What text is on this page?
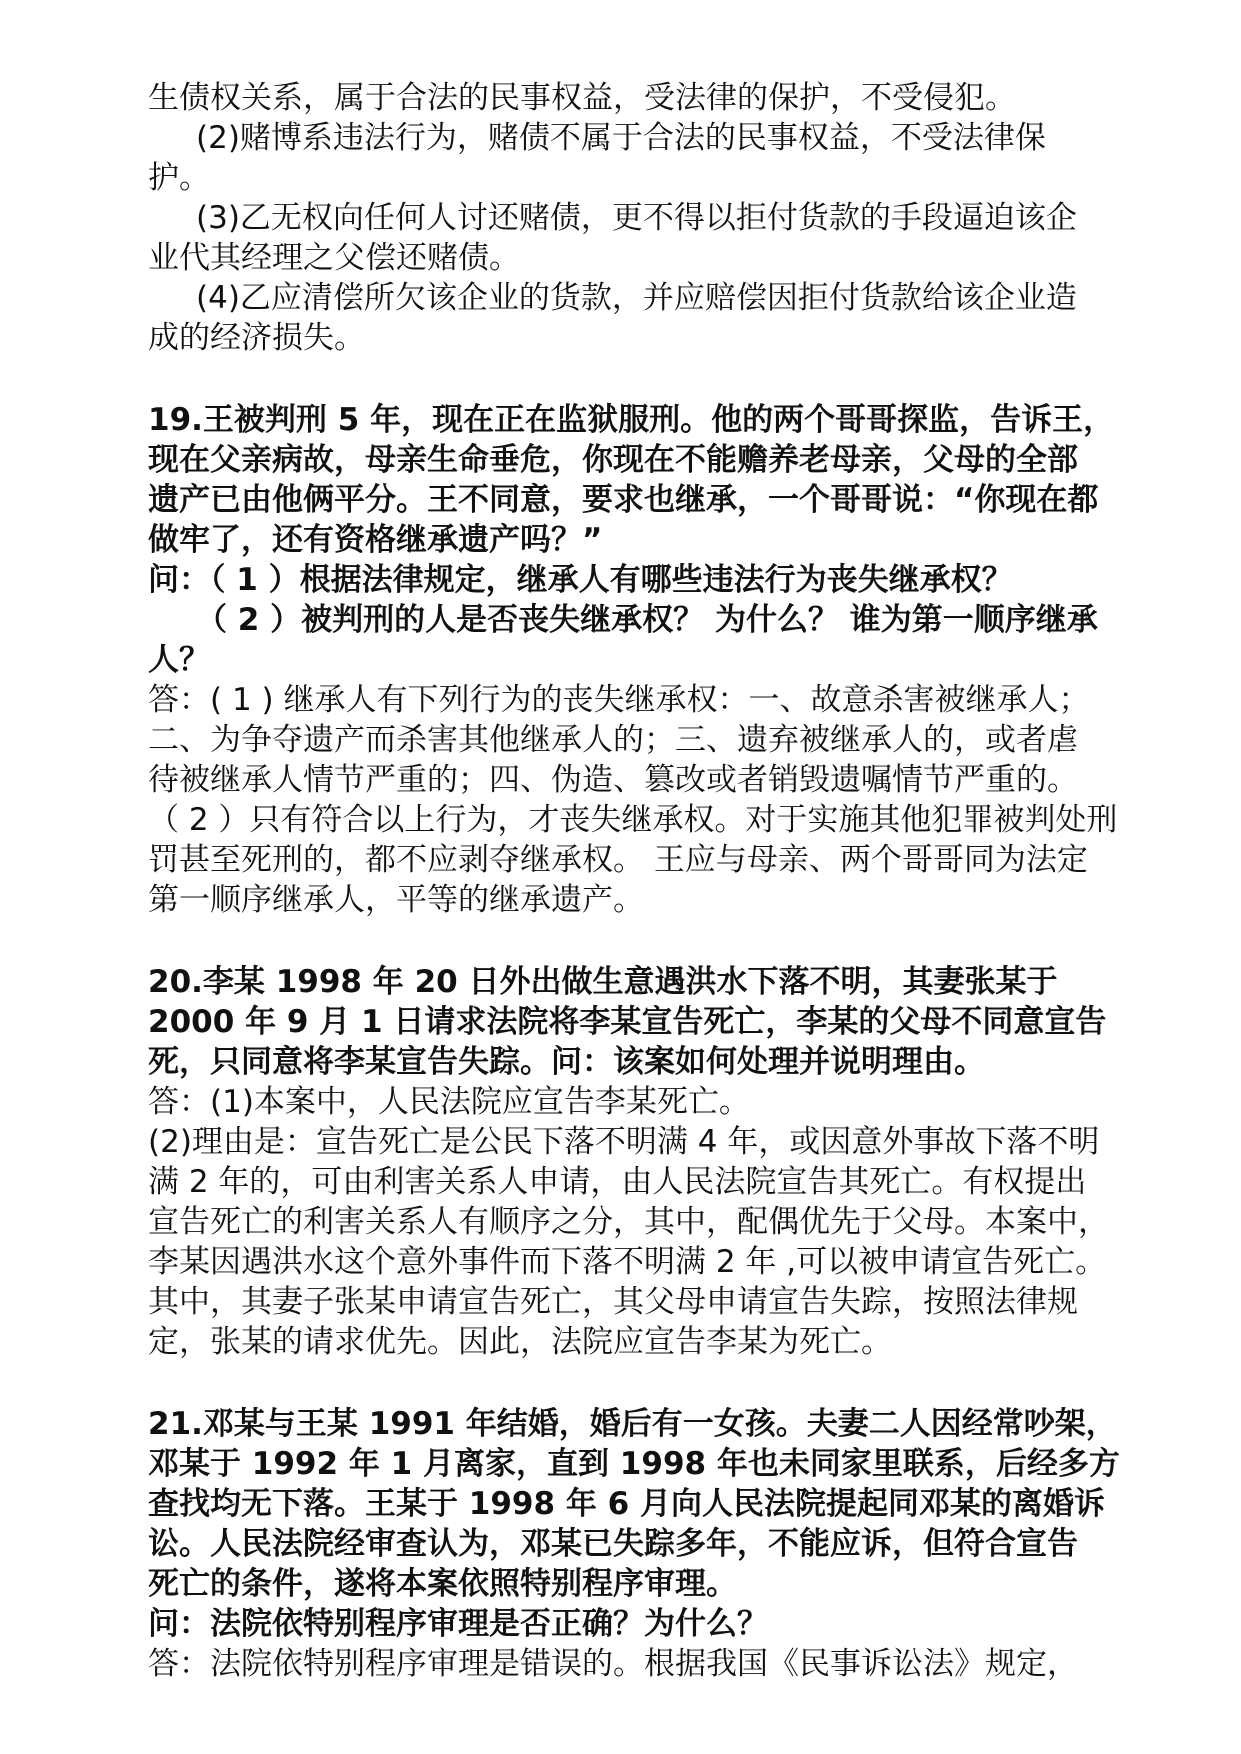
生债权关系，属于合法的民事权益，受法律的保护，不受侵犯。
(2)赌博系违法行为，赌债不属于合法的民事权益，不受法律保
护。
(3)乙无权向任何人讨还赌债，更不得以拒付货款的手段逼迫该企
业代其经理之父偿还赌债。
(4)乙应清偿所欠该企业的货款，并应赔偿因拒付货款给该企业造
成的经济损失。
19.王被判刑 5 年，现在正在监狱服刑。他的两个哥哥探监，告诉王，
现在父亲病故，母亲生命垂危，你现在不能赡养老母亲，父母的全部
遗产已由他俩平分。王不同意，要求也继承，一个哥哥说：“你现在都
做牢了，还有资格继承遗产吗？”
问：（ 1 ）根据法律规定，继承人有哪些违法行为丧失继承权？
（ 2 ）被判刑的人是否丧失继承权？ 为什么？ 谁为第一顺序继承
人？
答：( 1 ) 继承人有下列行为的丧失继承权：一、故意杀害被继承人；
二、为争夺遗产而杀害其他继承人的；三、遗弃被继承人的，或者虐
待被继承人情节严重的；四、伪造、篡改或者销毁遗嘱情节严重的。
（ 2 ）只有符合以上行为，才丧失继承权。对于实施其他犯罪被判处刑
罚甚至死刑的，都不应剥夺继承权。 王应与母亲、两个哥哥同为法定
第一顺序继承人，平等的继承遗产。
20.李某 1998 年 20 日外出做生意遇洪水下落不明，其妻张某于
2000 年 9 月 1 日请求法院将李某宣告死亡，李某的父母不同意宣告
死，只同意将李某宣告失踪。问：该案如何处理并说明理由。
答：(1)本案中，人民法院应宣告李某死亡。
(2)理由是：宣告死亡是公民下落不明满 4 年，或因意外事故下落不明
满 2 年的，可由利害关系人申请，由人民法院宣告其死亡。有权提出
宣告死亡的利害关系人有顺序之分，其中，配偶优先于父母。本案中，
李某因遇洪水这个意外事件而下落不明满 2 年 ,可以被申请宣告死亡。
其中，其妻子张某申请宣告死亡，其父母申请宣告失踪，按照法律规
定，张某的请求优先。因此，法院应宣告李某为死亡。
21.邓某与王某 1991 年结婚，婚后有一女孩。夫妻二人因经常吵架，
邓某于 1992 年 1 月离家，直到 1998 年也未同家里联系，后经多方
查找均无下落。王某于 1998 年 6 月向人民法院提起同邓某的离婚诉
讼。人民法院经审查认为，邓某已失踪多年，不能应诉，但符合宣告
死亡的条件，遂将本案依照特别程序审理。
问：法院依特别程序审理是否正确？为什么？
答：法院依特别程序审理是错误的。根据我国《民事诉讼法》规定，
